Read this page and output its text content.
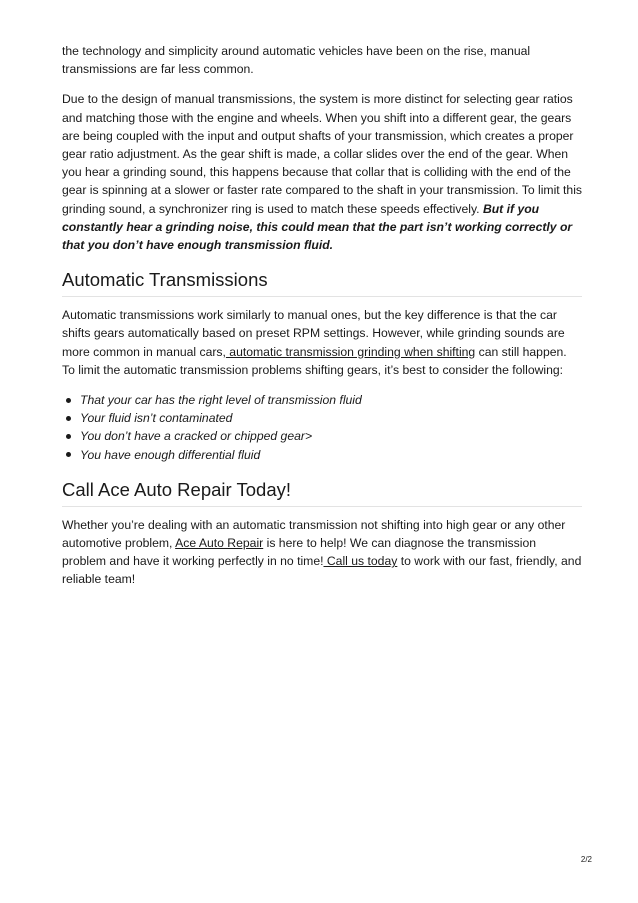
the technology and simplicity around automatic vehicles have been on the rise, manual transmissions are far less common.

Due to the design of manual transmissions, the system is more distinct for selecting gear ratios and matching those with the engine and wheels. When you shift into a different gear, the gears are being coupled with the input and output shafts of your transmission, which creates a proper gear ratio adjustment. As the gear shift is made, a collar slides over the end of the gear. When you hear a grinding sound, this happens because that collar that is colliding with the end of the gear is spinning at a slower or faster rate compared to the shaft in your transmission. To limit this grinding sound, a synchronizer ring is used to match these speeds effectively. But if you constantly hear a grinding noise, this could mean that the part isn’t working correctly or that you don’t have enough transmission fluid.

Automatic Transmissions

Automatic transmissions work similarly to manual ones, but the key difference is that the car shifts gears automatically based on preset RPM settings. However, while grinding sounds are more common in manual cars, automatic transmission grinding when shifting can still happen. To limit the automatic transmission problems shifting gears, it’s best to consider the following:

That your car has the right level of transmission fluid
Your fluid isn’t contaminated
You don’t have a cracked or chipped gear>
You have enough differential fluid
Call Ace Auto Repair Today!

Whether you’re dealing with an automatic transmission not shifting into high gear or any other automotive problem, Ace Auto Repair is here to help! We can diagnose the transmission problem and have it working perfectly in no time! Call us today to work with our fast, friendly, and reliable team!

2/2
